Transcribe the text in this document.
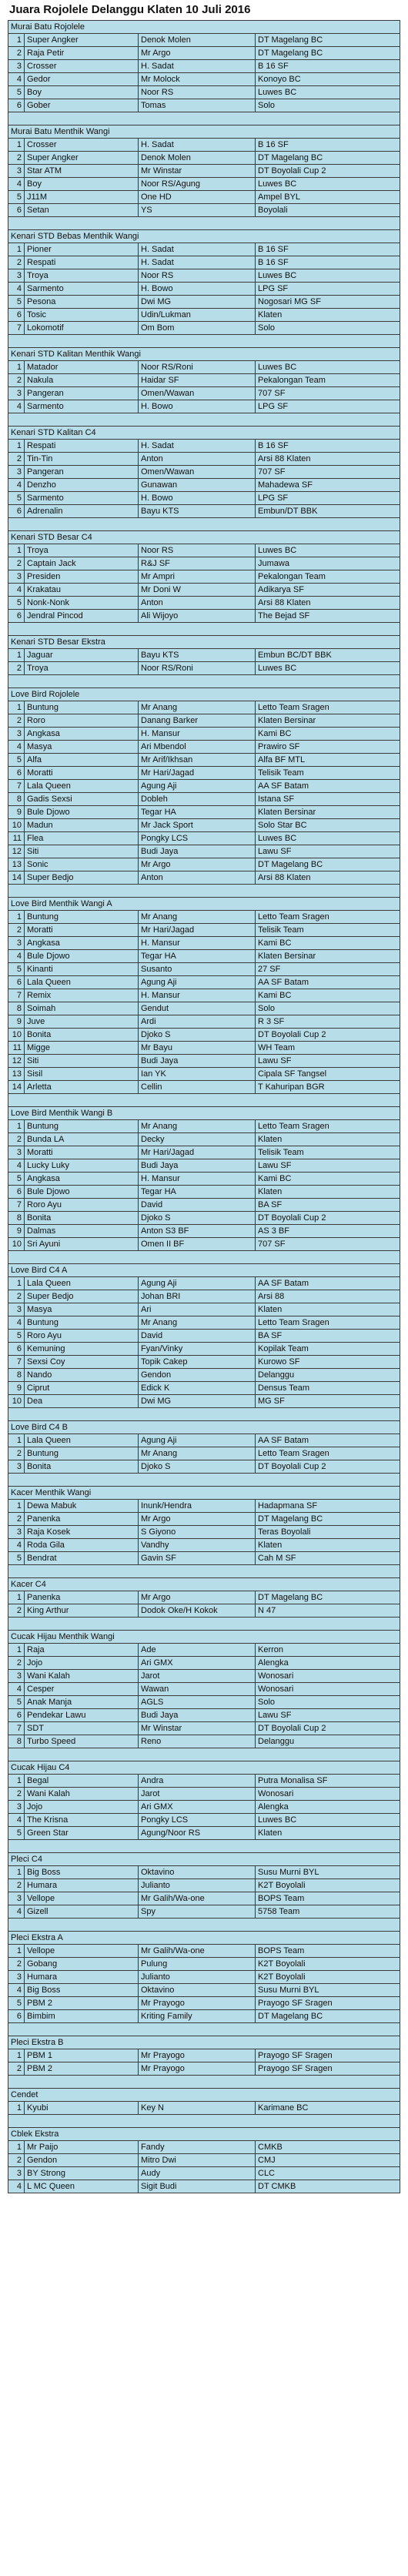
Juara Rojolele Delanggu Klaten 10 Juli 2016
Murai Batu Rojolele			
1	Super Angker	Denok Molen	DT Magelang BC
2	Raja Petir	Mr Argo	DT Magelang BC
3	Crosser	H. Sadat	B 16 SF
4	Gedor	Mr Molock	Konoyo BC
5	Boy	Noor RS	Luwes BC
6	Gober	Tomas	Solo

Murai Batu Menthik Wangi			
1	Crosser	H. Sadat	B 16 SF
2	Super Angker	Denok Molen	DT Magelang BC
3	Star ATM	Mr Winstar	DT Boyolali Cup 2
4	Boy	Noor RS/Agung	Luwes BC
5	J11M	One HD	Ampel BYL
6	Setan	YS	Boyolali

Kenari STD Bebas Menthik Wangi			
1	Pioner	H. Sadat	B 16 SF
2	Respati	H. Sadat	B 16 SF
3	Troya	Noor RS	Luwes BC
4	Sarmento	H. Bowo	LPG SF
5	Pesona	Dwi MG	Nogosari MG SF
6	Tosic	Udin/Lukman	Klaten
7	Lokomotif	Om Bom	Solo

Kenari STD Kalitan Menthik Wangi			
1	Matador	Noor RS/Roni	Luwes BC
2	Nakula	Haidar SF	Pekalongan Team
3	Pangeran	Omen/Wawan	707 SF
4	Sarmento	H. Bowo	LPG SF

Kenari STD Kalitan C4			
1	Respati	H. Sadat	B 16 SF
2	Tin-Tin	Anton	Arsi 88 Klaten
3	Pangeran	Omen/Wawan	707 SF
4	Denzho	Gunawan	Mahadewa SF
5	Sarmento	H. Bowo	LPG SF
6	Adrenalin	Bayu KTS	Embun/DT BBK

Kenari STD Besar C4			
1	Troya	Noor RS	Luwes BC
2	Captain Jack	R&J SF	Jumawa
3	Presiden	Mr Ampri	Pekalongan Team
4	Krakatau	Mr Doni W	Adikarya SF
5	Nonk-Nonk	Anton	Arsi 88 Klaten
6	Jendral Pincod	Ali Wijoyo	The Bejad SF

Kenari STD Besar Ekstra			
1	Jaguar	Bayu KTS	Embun BC/DT BBK
2	Troya	Noor RS/Roni	Luwes BC

Love Bird Rojolele			
1	Buntung	Mr Anang	Letto Team Sragen
2	Roro	Danang Barker	Klaten Bersinar
3	Angkasa	H. Mansur	Kami BC
4	Masya	Ari Mbendol	Prawiro SF
5	Alfa	Mr Arif/Ikhsan	Alfa BF MTL
6	Moratti	Mr Hari/Jagad	Telisik Team
7	Lala Queen	Agung Aji	AA SF Batam
8	Gadis Sexsi	Dobleh	Istana SF
9	Bule Djowo	Tegar HA	Klaten Bersinar
10	Madun	Mr Jack Sport	Solo Star BC
11	Flea	Pongky LCS	Luwes BC
12	Siti	Budi Jaya	Lawu SF
13	Sonic	Mr Argo	DT Magelang BC
14	Super Bedjo	Anton	Arsi 88 Klaten

Love Bird Menthik Wangi A			
1	Buntung	Mr Anang	Letto Team Sragen
2	Moratti	Mr Hari/Jagad	Telisik Team
3	Angkasa	H. Mansur	Kami BC
4	Bule Djowo	Tegar HA	Klaten Bersinar
5	Kinanti	Susanto	27 SF
6	Lala Queen	Agung Aji	AA SF Batam
7	Remix	H. Mansur	Kami BC
8	Soimah	Gendut	Solo
9	Juve	Ardi	R 3 SF
10	Bonita	Djoko S	DT Boyolali Cup 2
11	Migge	Mr Bayu	WH Team
12	Siti	Budi Jaya	Lawu SF
13	Sisil	Ian YK	Cipala SF Tangsel
14	Arletta	Cellin	T Kahuripan BGR

Love Bird Menthik Wangi B			
1	Buntung	Mr Anang	Letto Team Sragen
2	Bunda LA	Decky	Klaten
3	Moratti	Mr Hari/Jagad	Telisik Team
4	Lucky Luky	Budi Jaya	Lawu SF
5	Angkasa	H. Mansur	Kami BC
6	Bule Djowo	Tegar HA	Klaten
7	Roro Ayu	David	BA SF
8	Bonita	Djoko S	DT Boyolali Cup 2
9	Dalmas	Anton S3 BF	AS 3 BF
10	Sri Ayuni	Omen II BF	707 SF

Love Bird C4 A			
1	Lala Queen	Agung Aji	AA SF Batam
2	Super Bedjo	Johan BRI	Arsi 88
3	Masya	Ari	Klaten
4	Buntung	Mr Anang	Letto Team Sragen
5	Roro Ayu	David	BA SF
6	Kemuning	Fyan/Vinky	Kopilak Team
7	Sexsi Coy	Topik Cakep	Kurowo SF
8	Nando	Gendon	Delanggu
9	Ciprut	Edick K	Densus Team
10	Dea	Dwi MG	MG SF

Love Bird C4 B			
1	Lala Queen	Agung Aji	AA SF Batam
2	Buntung	Mr Anang	Letto Team Sragen
3	Bonita	Djoko S	DT Boyolali Cup 2

Kacer Menthik Wangi			
1	Dewa Mabuk	Inunk/Hendra	Hadapmana SF
2	Panenka	Mr Argo	DT Magelang BC
3	Raja Kosek	S Giyono	Teras Boyolali
4	Roda Gila	Vandhy	Klaten
5	Bendrat	Gavin SF	Cah M SF

Kacer C4			
1	Panenka	Mr Argo	DT Magelang BC
2	King Arthur	Dodok Oke/H Kokok	N 47

Cucak Hijau Menthik Wangi			
1	Raja	Ade	Kerron
2	Jojo	Ari GMX	Alengka
3	Wani Kalah	Jarot	Wonosari
4	Cesper	Wawan	Wonosari
5	Anak Manja	AGLS	Solo
6	Pendekar Lawu	Budi Jaya	Lawu SF
7	SDT	Mr Winstar	DT Boyolali Cup 2
8	Turbo Speed	Reno	Delanggu

Cucak Hijau C4			
1	Begal	Andra	Putra Monalisa SF
2	Wani Kalah	Jarot	Wonosari
3	Jojo	Ari GMX	Alengka
4	The Krisna	Pongky LCS	Luwes BC
5	Green Star	Agung/Noor RS	Klaten

Pleci C4			
1	Big Boss	Oktavino	Susu Murni BYL
2	Humara	Julianto	K2T Boyolali
3	Vellope	Mr Galih/Wa-one	BOPS Team
4	Gizell	Spy	5758 Team

Pleci Ekstra A			
1	Vellope	Mr Galih/Wa-one	BOPS Team
2	Gobang	Pulung	K2T Boyolali
3	Humara	Julianto	K2T Boyolali
4	Big Boss	Oktavino	Susu Murni BYL
5	PBM 2	Mr Prayogo	Prayogo SF Sragen
6	Bimbim	Kriting Family	DT Magelang BC

Pleci Ekstra B			
1	PBM 1	Mr Prayogo	Prayogo SF Sragen
2	PBM 2	Mr Prayogo	Prayogo SF Sragen

Cendet			
1	Kyubi	Key N	Karimane BC

Cblek Ekstra			
1	Mr Paijo	Fandy	CMKB
2	Gendon	Mitro Dwi	CMJ
3	BY Strong	Audy	CLC
4	L MC Queen	Sigit Budi	DT CMKB
